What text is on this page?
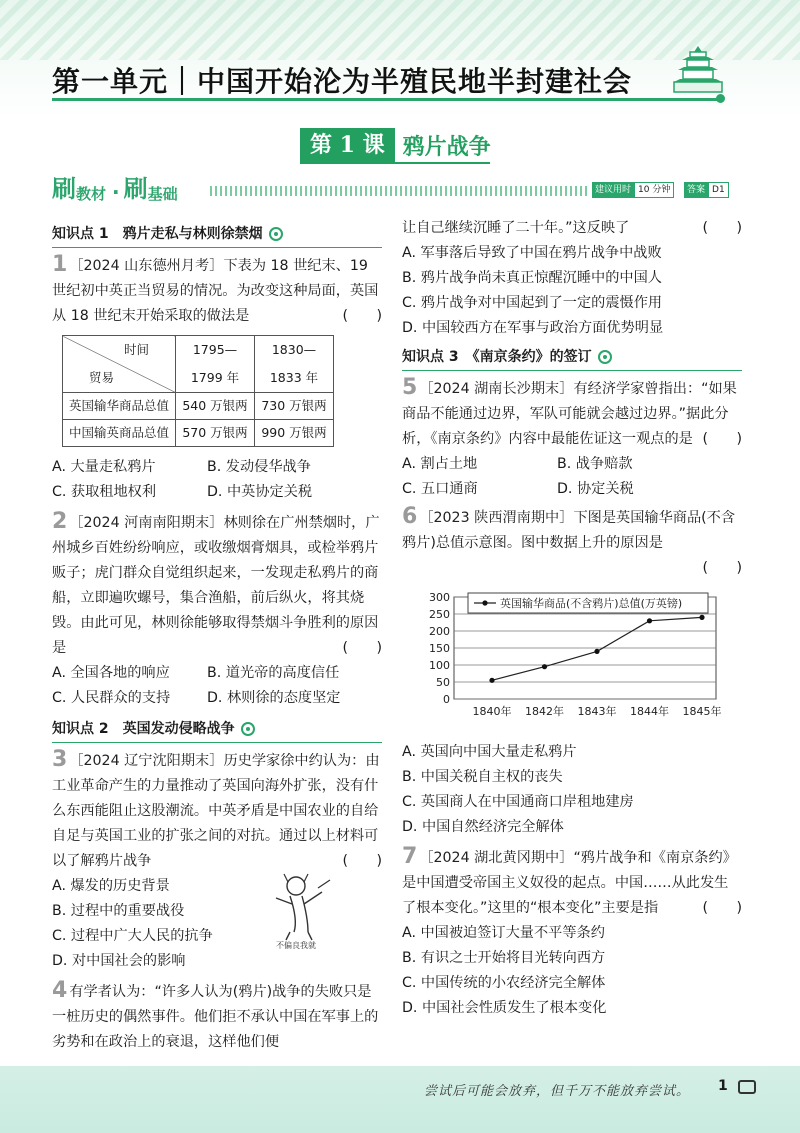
第一单元｜中国开始沦为半殖民地半封建社会
第 1 课 鸦片战争
刷 教材 · 刷 基础	建议用时 10 分钟	答案 D1
知识点 1　鸦片走私与林则徐禁烟
1 ［2024 山东德州月考］下表为 18 世纪末、19 世纪初中英正当贸易的情况。为改变这种局面，英国从 18 世纪末开始采取的做法是	(　　)
时间
贸易	1795—	1830—
	1799 年	1833 年
英国输华商品总值	540 万银两	730 万银两
中国输英商品总值	570 万银两	990 万银两
A. 大量走私鸦片	B. 发动侵华战争
C. 获取租地权利	D. 中英协定关税
2 ［2024 河南南阳期末］林则徐在广州禁烟时，广州城乡百姓纷纷响应，或收缴烟膏烟具，或检举鸦片贩子；虎门群众自觉组织起来，一发现走私鸦片的商船，立即遍吹螺号，集合渔船，前后纵火，将其烧毁。由此可见，林则徐能够取得禁烟斗争胜利的原因是	(　　)
A. 全国各地的响应	B. 道光帝的高度信任
C. 人民群众的支持	D. 林则徐的态度坚定
知识点 2　英国发动侵略战争
3 ［2024 辽宁沈阳期末］历史学家徐中约认为：由工业革命产生的力量推动了英国向海外扩张，没有什么东西能阻止这股潮流。中英矛盾是中国农业的自给自足与英国工业的扩张之间的对抗。通过以上材料可以了解鸦片战争	(　　)
A. 爆发的历史背景
B. 过程中的重要战役
C. 过程中广大人民的抗争
D. 对中国社会的影响
4 有学者认为：“许多人认为(鸦片)战争的失败只是一桩历史的偶然事件。他们拒不承认中国在军事上的劣势和在政治上的衰退，这样他们便
不偏良我就
让自己继续沉睡了二十年。”这反映了	(　　)
A. 军事落后导致了中国在鸦片战争中战败
B. 鸦片战争尚未真正惊醒沉睡中的中国人
C. 鸦片战争对中国起到了一定的震慑作用
D. 中国较西方在军事与政治方面优势明显
知识点 3　《南京条约》的签订
5 ［2024 湖南长沙期末］有经济学家曾指出：“如果商品不能通过边界，军队可能就会越过边界。”据此分析，《南京条约》内容中最能佐证这一观点的是 (　　)
A. 割占土地	B. 战争赔款
C. 五口通商	D. 协定关税
6 ［2023 陕西渭南期中］下图是英国输华商品(不含鸦片)总值示意图。图中数据上升的原因是
(　　)
0
50
100
150
200
250
300
1840年 1842年 1843年 1844年 1845年
英国输华商品(不含鸦片)总值(万英镑)
A. 英国向中国大量走私鸦片
B. 中国关税自主权的丧失
C. 英国商人在中国通商口岸租地建房
D. 中国自然经济完全解体
7 ［2024 湖北黄冈期中］“鸦片战争和《南京条约》是中国遭受帝国主义奴役的起点。中国……从此发生了根本变化。”这里的“根本变化”主要是指	(　　)
A. 中国被迫签订大量不平等条约
B. 有识之士开始将目光转向西方
C. 中国传统的小农经济完全解体
D. 中国社会性质发生了根本变化
尝试后可能会放弃，但千万不能放弃尝试。 1
